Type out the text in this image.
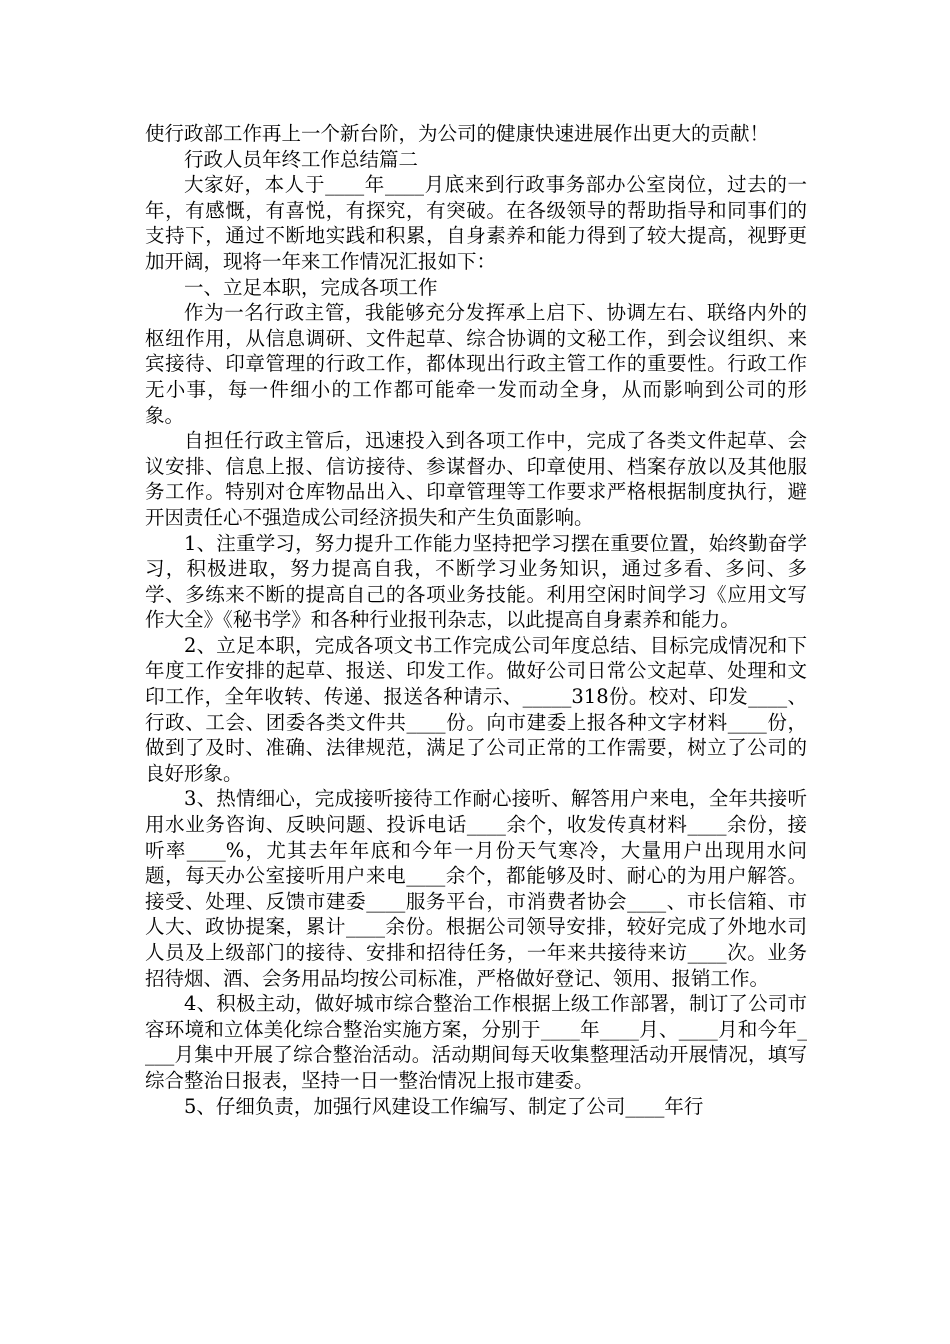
使行政部工作再上一个新台阶，为公司的健康快速进展作出更大的贡献！

行政人员年终工作总结篇二

大家好，本人于____年____月底来到行政事务部办公室岗位，过去的一年，有感慨，有喜悦，有探究，有突破。在各级领导的帮助指导和同事们的支持下，通过不断地实践和积累，自身素养和能力得到了较大提高，视野更加开阔，现将一年来工作情况汇报如下：

一、立足本职，完成各项工作

作为一名行政主管，我能够充分发挥承上启下、协调左右、联络内外的枢纽作用，从信息调研、文件起草、综合协调的文秘工作，到会议组织、来宾接待、印章管理的行政工作，都体现出行政主管工作的重要性。行政工作无小事，每一件细小的工作都可能牵一发而动全身，从而影响到公司的形象。

自担任行政主管后，迅速投入到各项工作中，完成了各类文件起草、会议安排、信息上报、信访接待、参谋督办、印章使用、档案存放以及其他服务工作。特别对仓库物品出入、印章管理等工作要求严格根据制度执行，避开因责任心不强造成公司经济损失和产生负面影响。

1、注重学习，努力提升工作能力坚持把学习摆在重要位置，始终勤奋学习，积极进取，努力提高自我，不断学习业务知识，通过多看、多问、多学、多练来不断的提高自己的各项业务技能。利用空闲时间学习《应用文写作大全》《秘书学》和各种行业报刊杂志，以此提高自身素养和能力。

2、立足本职，完成各项文书工作完成公司年度总结、目标完成情况和下年度工作安排的起草、报送、印发工作。做好公司日常公文起草、处理和文印工作，全年收转、传递、报送各种请示、_____318份。校对、印发____、行政、工会、团委各类文件共____份。向市建委上报各种文字材料____份，做到了及时、准确、法律规范，满足了公司正常的工作需要，树立了公司的良好形象。

3、热情细心，完成接听接待工作耐心接听、解答用户来电，全年共接听用水业务咨询、反映问题、投诉电话____余个，收发传真材料____余份，接听率____%，尤其去年年底和今年一月份天气寒冷，大量用户出现用水问题，每天办公室接听用户来电____余个，都能够及时、耐心的为用户解答。接受、处理、反馈市建委____服务平台，市消费者协会____、市长信箱、市人大、政协提案，累计____余份。根据公司领导安排，较好完成了外地水司人员及上级部门的接待、安排和招待任务，一年来共接待来访____次。业务招待烟、酒、会务用品均按公司标准，严格做好登记、领用、报销工作。

4、积极主动，做好城市综合整治工作根据上级工作部署，制订了公司市容环境和立体美化综合整治实施方案，分别于____年____月、____月和今年____月集中开展了综合整治活动。活动期间每天收集整理活动开展情况，填写综合整治日报表，坚持一日一整治情况上报市建委。

5、仔细负责，加强行风建设工作编写、制定了公司____年行
